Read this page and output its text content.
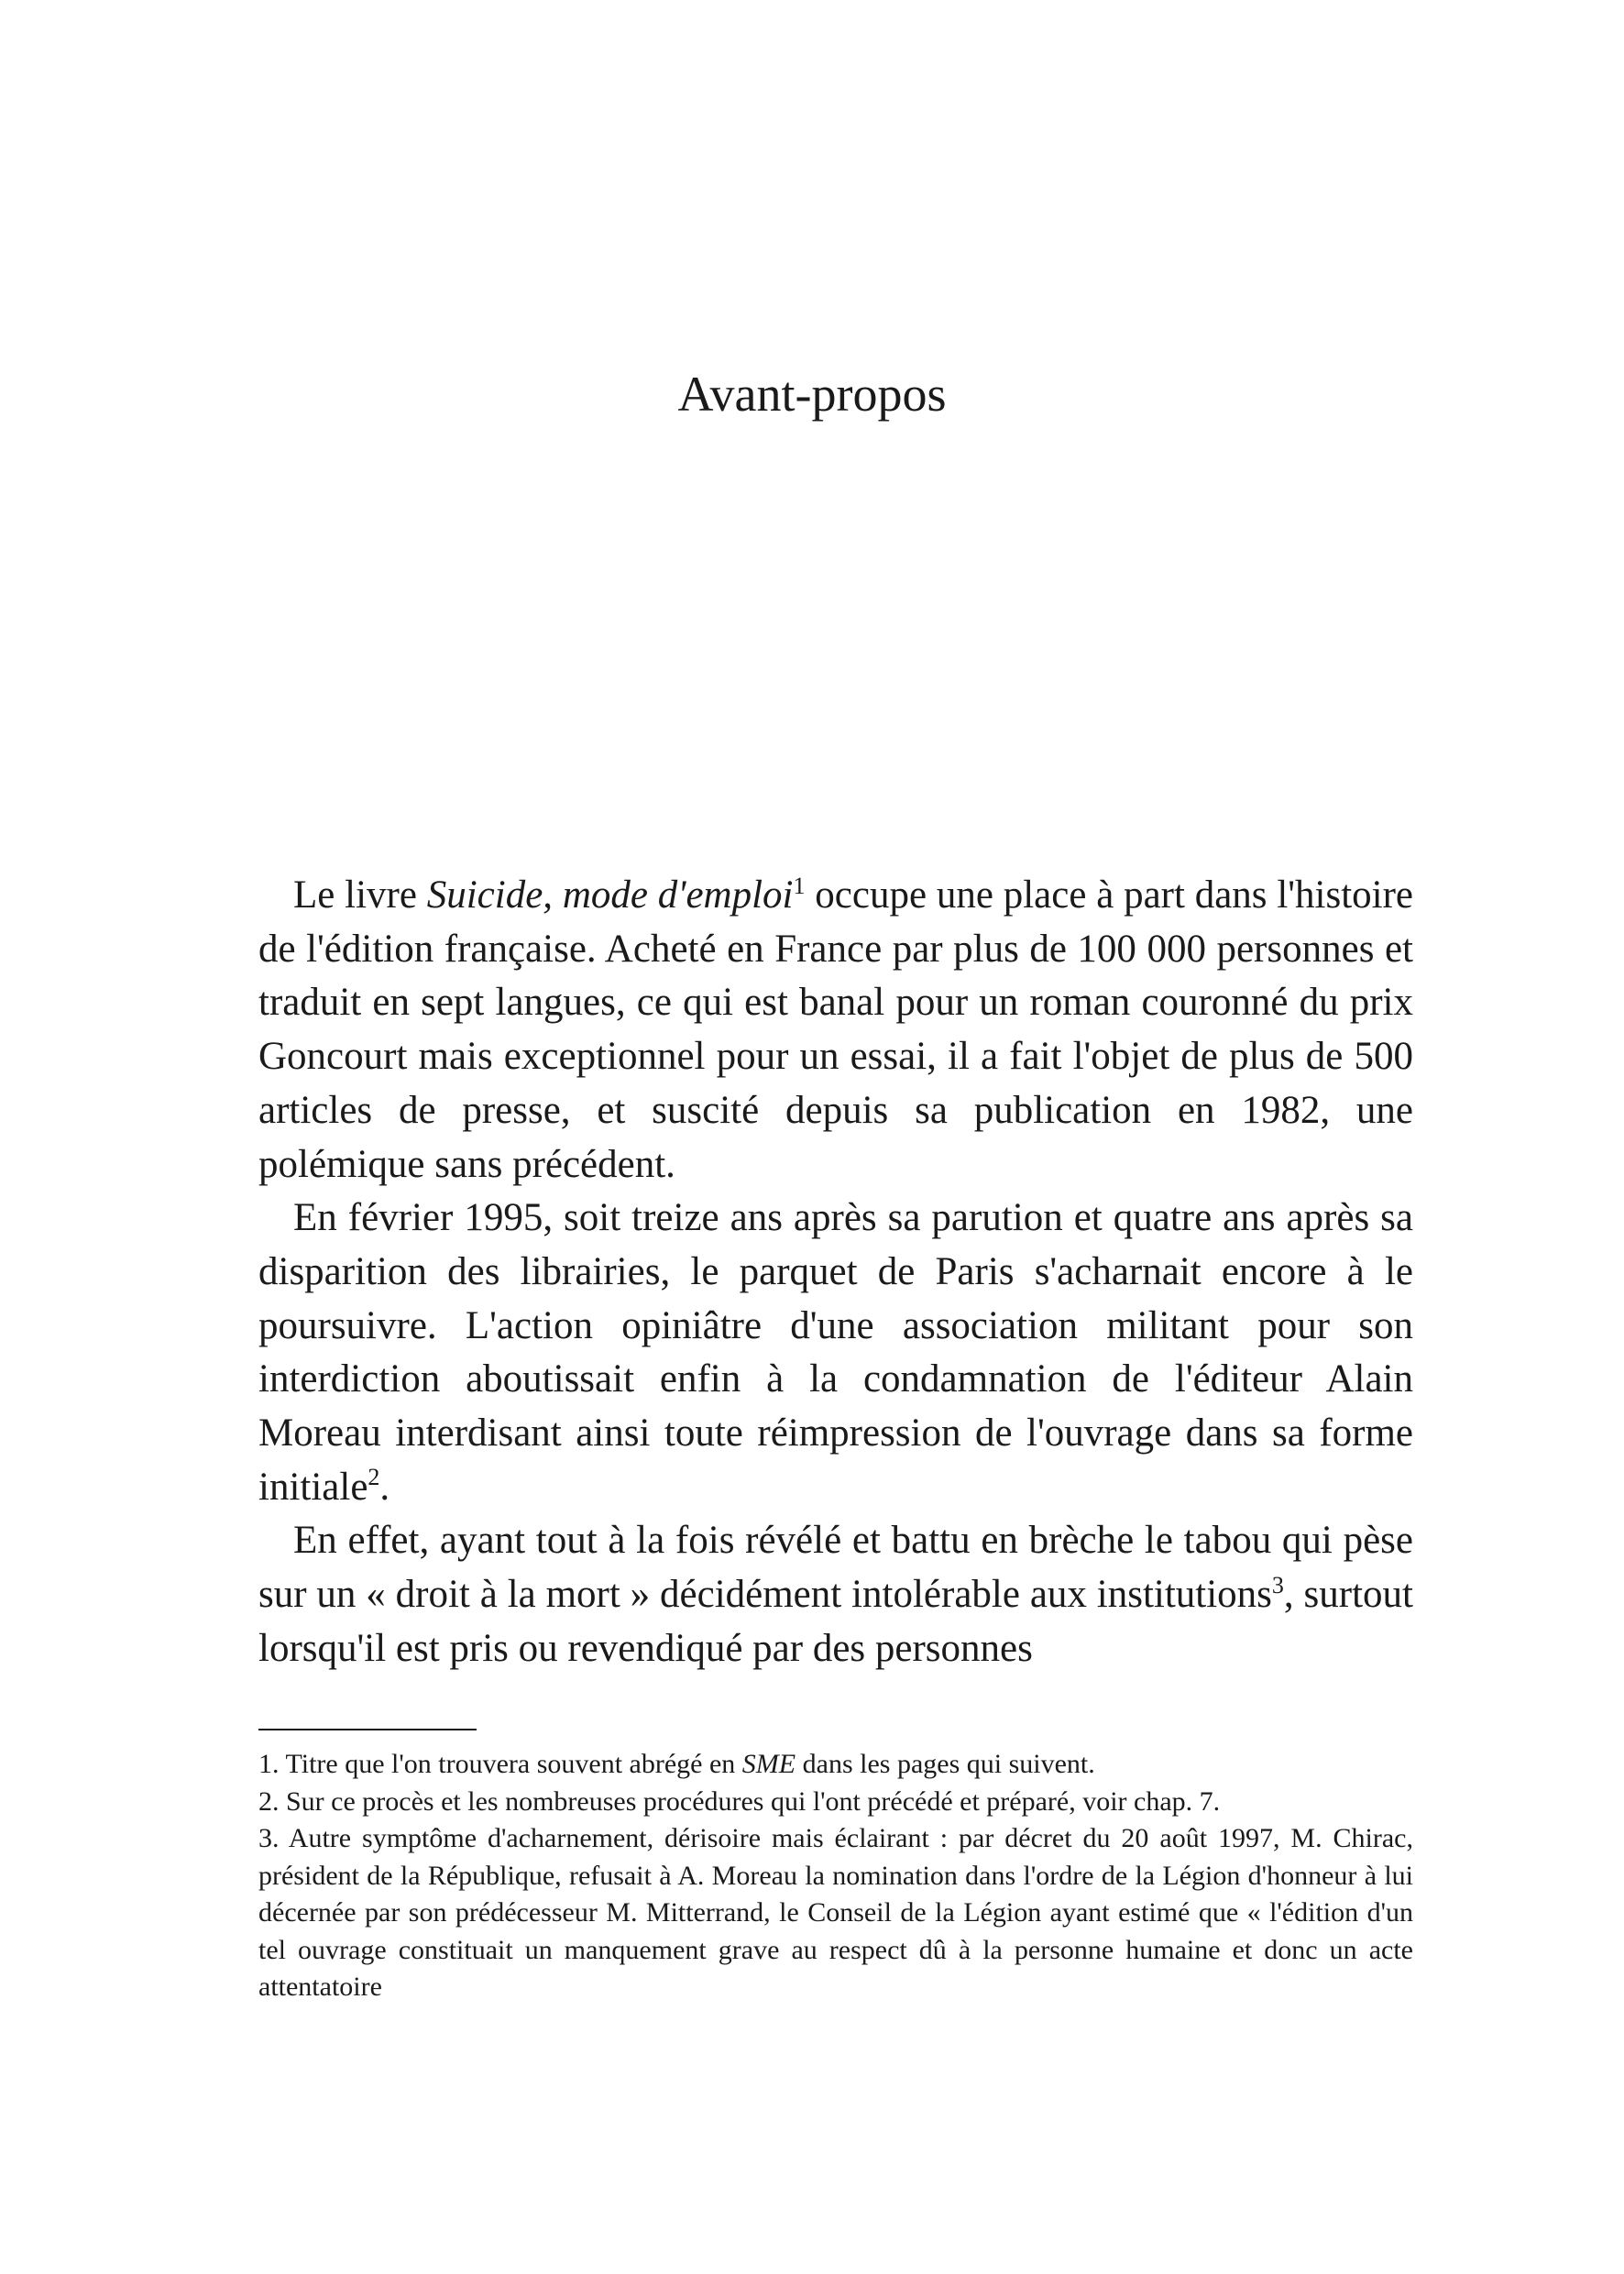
Avant-propos

Le livre Suicide, mode d'emploi$^1$ occupe une place à part dans l'histoire de l'édition française. Acheté en France par plus de 100 000 personnes et traduit en sept langues, ce qui est banal pour un roman couronné du prix Goncourt mais exceptionnel pour un essai, il a fait l'objet de plus de 500 articles de presse, et suscité depuis sa publication en 1982, une polémique sans précédent.

En février 1995, soit treize ans après sa parution et quatre ans après sa disparition des librairies, le parquet de Paris s'acharnait encore à le poursuivre. L'action opiniâtre d'une association militant pour son interdiction aboutissait enfin à la condamnation de l'éditeur Alain Moreau interdisant ainsi toute réimpression de l'ouvrage dans sa forme initiale$^2$.

En effet, ayant tout à la fois révélé et battu en brèche le tabou qui pèse sur un « droit à la mort » décidément intolérable aux institutions$^3$, surtout lorsqu'il est pris ou revendiqué par des personnes

1. Titre que l'on trouvera souvent abrégé en SME dans les pages qui suivent.

2. Sur ce procès et les nombreuses procédures qui l'ont précédé et préparé, voir chap. 7.

3. Autre symptôme d'acharnement, dérisoire mais éclairant : par décret du 20 août 1997, M. Chirac, président de la République, refusait à A. Moreau la nomination dans l'ordre de la Légion d'honneur à lui décernée par son prédécesseur M. Mitterrand, le Conseil de la Légion ayant estimé que « l'édition d'un tel ouvrage constituait un manquement grave au respect dû à la personne humaine et donc un acte attentatoire
